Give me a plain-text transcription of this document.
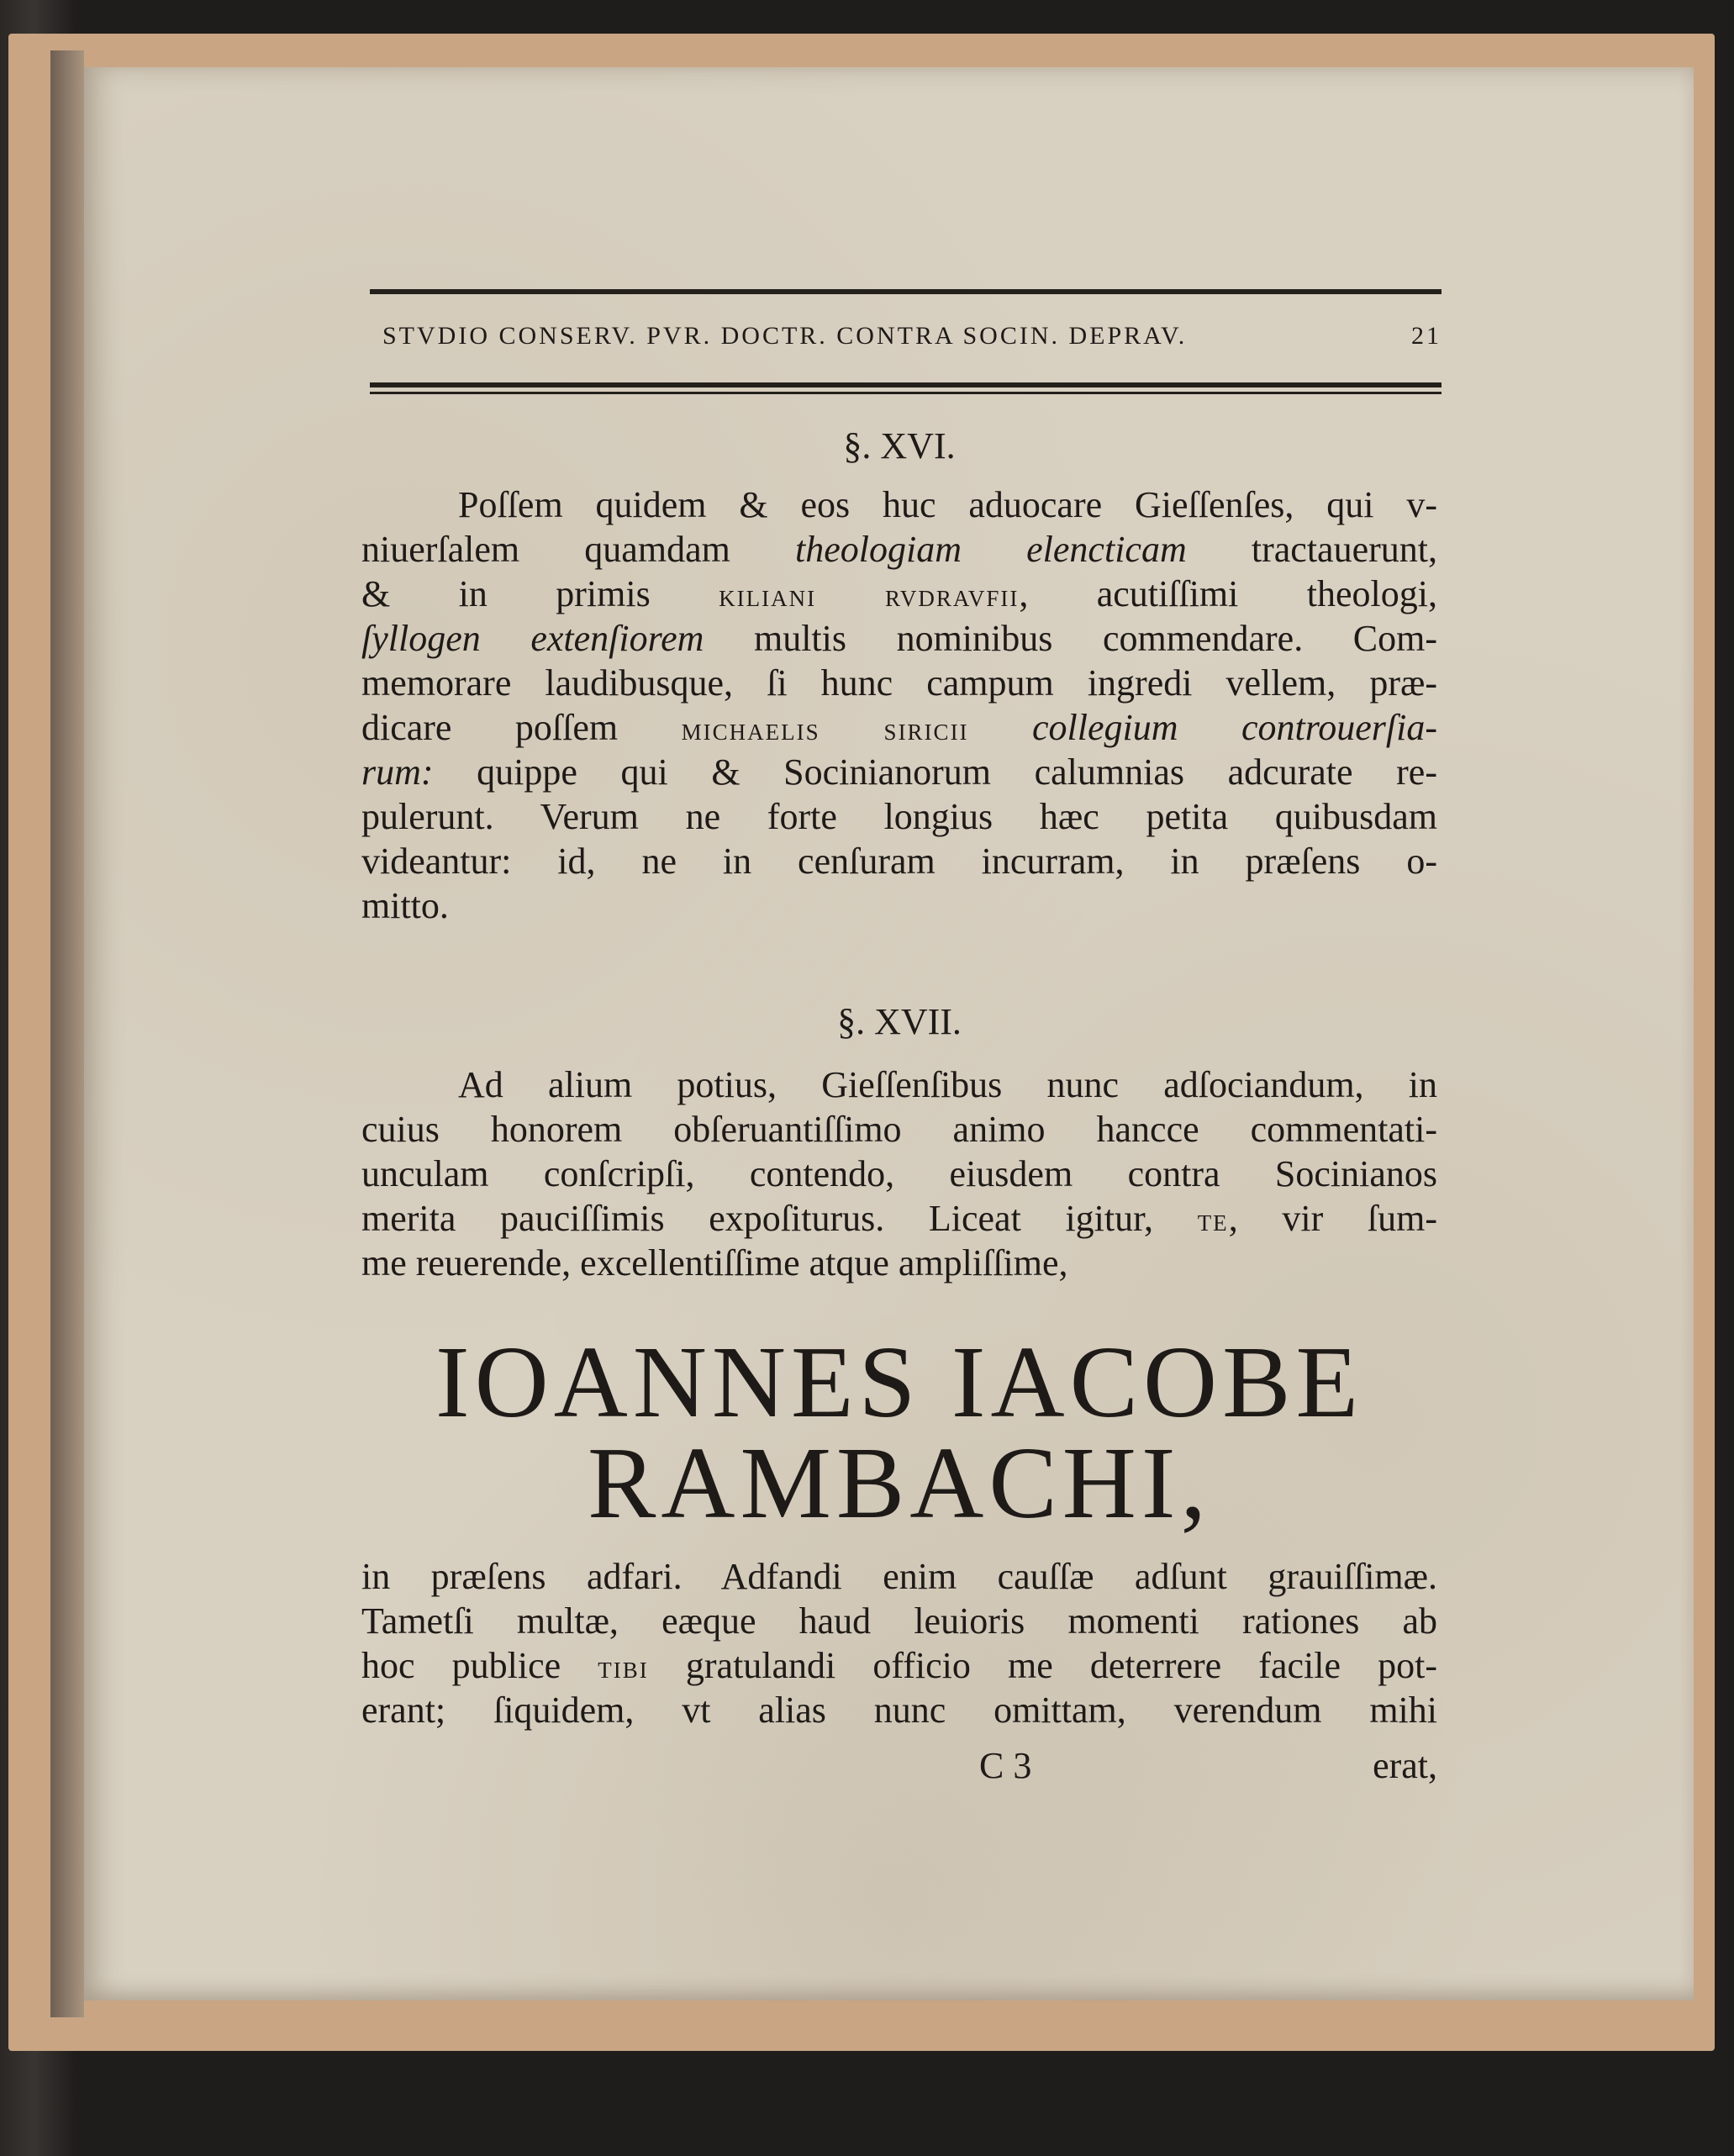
STVDIO CONSERV. PVR. DOCTR. CONTRA SOCIN. DEPRAV.	21
§. XVI.
Poſſem quidem & eos huc aduocare Gieſſenſes, qui v-
niuerſalem quamdam theologiam elencticam tractauerunt,
& in primis kiliani rvdravfii, acutiſſimi theologi,
ſyllogen extenſiorem multis nominibus commendare. Com-
memorare laudibusque, ſi hunc campum ingredi vellem, præ-
dicare poſſem michaelis siricii collegium controuerſia-
rum: quippe qui & Socinianorum calumnias adcurate re-
pulerunt. Verum ne forte longius hæc petita quibusdam
videantur: id, ne in cenſuram incurram, in præſens o-
mitto.
§. XVII.
Ad alium potius, Gieſſenſibus nunc adſociandum, in
cuius honorem obſeruantiſſimo animo hancce commentati-
unculam conſcripſi, contendo, eiusdem contra Socinianos
merita pauciſſimis expoſiturus. Liceat igitur, te, vir ſum-
me reuerende, excellentiſſime atque ampliſſime,
IOANNES IACOBE
RAMBACHI,
in præſens adfari. Adfandi enim cauſſæ adſunt grauiſſimæ.
Tametſi multæ, eæque haud leuioris momenti rationes ab
hoc publice tibi gratulandi officio me deterrere facile pot-
erant; ſiquidem, vt alias nunc omittam, verendum mihi
C 3	erat,
